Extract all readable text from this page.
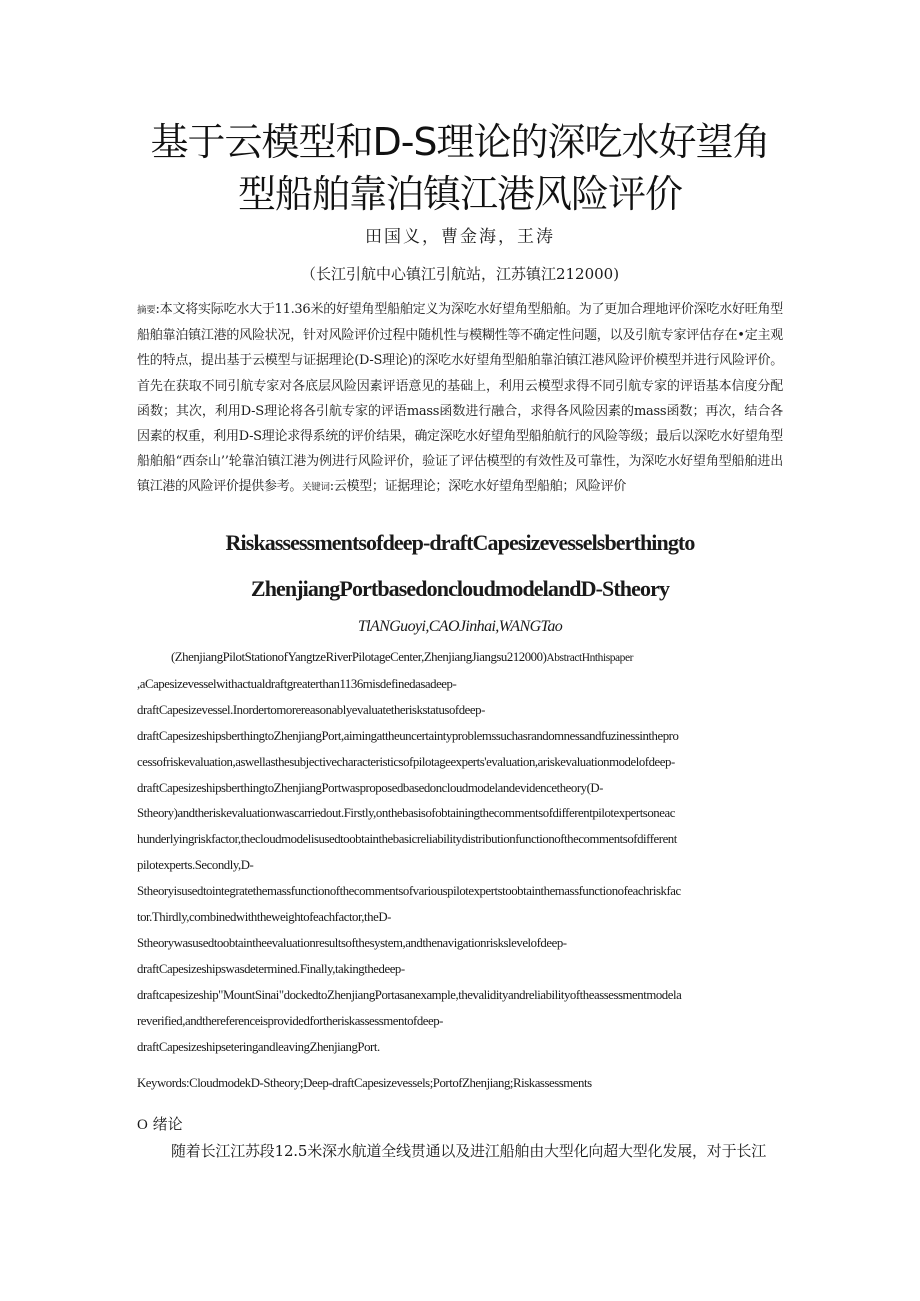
基于云模型和D-S理论的深吃水好望角
型船舶靠泊镇江港风险评价
田国义，曹金海，王涛
（长江引航中心镇江引航站，江苏镇江212000)
摘要:本文将实际吃水大于11.36米的好望角型船舶定义为深吃水好望角型船舶。为了更加合理地评价深吃水好旺角型船舶靠泊镇江港的风险状况，针对风险评价过程中随机性与模糊性等不确定性问题，以及引航专家评估存在•定主观性的特点，提出基于云模型与证据理论(D-S理论)的深吃水好望角型船舶靠泊镇江港风险评价模型并进行风险评价。首先在获取不同引航专家对各底层风险因素评语意见的基础上，利用云模型求得不同引航专家的评语基本信度分配函数；其次，利用D-S理论将各引航专家的评语mass函数进行融合，求得各风险因素的mass函数；再次，结合各因素的权重，利用D-S理论求得系统的评价结果，确定深吃水好望角型船舶航行的风险等级；最后以深吃水好望角型船舶船“西奈山’’轮靠泊镇江港为例进行风险评价，验证了评估模型的有效性及可靠性，为深吃水好望角型船舶进出镇江港的风险评价提供参考。关键词:云模型；证据理论；深吃水好望角型船舶；风险评价
Riskassessmentsofdeep-draftCapesizevesselsberthingto
ZhenjiangPortbasedoncloudmodelandD-Stheory
TlANGuoyi,CAOJinhai,WANGTao
(ZhenjiangPilotStationofYangtzeRiverPilotageCenter,ZhenjiangJiangsu212000)AbstractHnthispaper
,aCapesizevesselwithactualdraftgreaterthan1136misdefinedasadeep-
draftCapesizevessel.Inordertomorereasonablyevaluatetheriskstatusofdeep-
draftCapesizeshipsberthingtoZhenjiangPort,aimingattheuncertaintyproblemssuchasrandomnessandfuzinessinthepro
cessofriskevaluation,aswellasthesubjectivecharacteristicsofpilotageexperts'evaluation,ariskevaluationmodelofdeep-
draftCapesizeshipsberthingtoZhenjiangPortwasproposedbasedoncloudmodelandevidencetheory(D-
Stheory)andtheriskevaluationwascarriedout.Firstly,onthebasisofobtainingthecommentsofdifferentpilotexpertsoneac
hunderlyingriskfactor,thecloudmodelisusedtoobtainthebasicreliabilitydistributionfunctionofthecommentsofdifferent
pilotexperts.Secondly,D-
Stheoryisusedtointegratethemassfunctionofthecommentsofvariouspilotexpertstoobtainthemassfunctionofeachriskfac
tor.Thirdly,combinedwiththeweightofeachfactor,theD-
Stheorywasusedtoobtaintheevaluationresultsofthesystem,andthenavigationriskslevelofdeep-
draftCapesizeshipswasdetermined.Finally,takingthedeep-
draftcapesizeship"MountSinai"dockedtoZhenjiangPortasanexample,thevalidityandreliabilityoftheassessmentmodela
reverified,andthereferenceisprovidedfortheriskassessmentofdeep-
draftCapesizeshipseteringandleavingZhenjiangPort.
Keywords:CloudmodekD-Stheory;Deep-draftCapesizevessels;PortofZhenjiang;Riskassessments
O 绪论
随着长江江苏段12.5米深水航道全线贯通以及进江船舶由大型化向超大型化发展，对于长江
